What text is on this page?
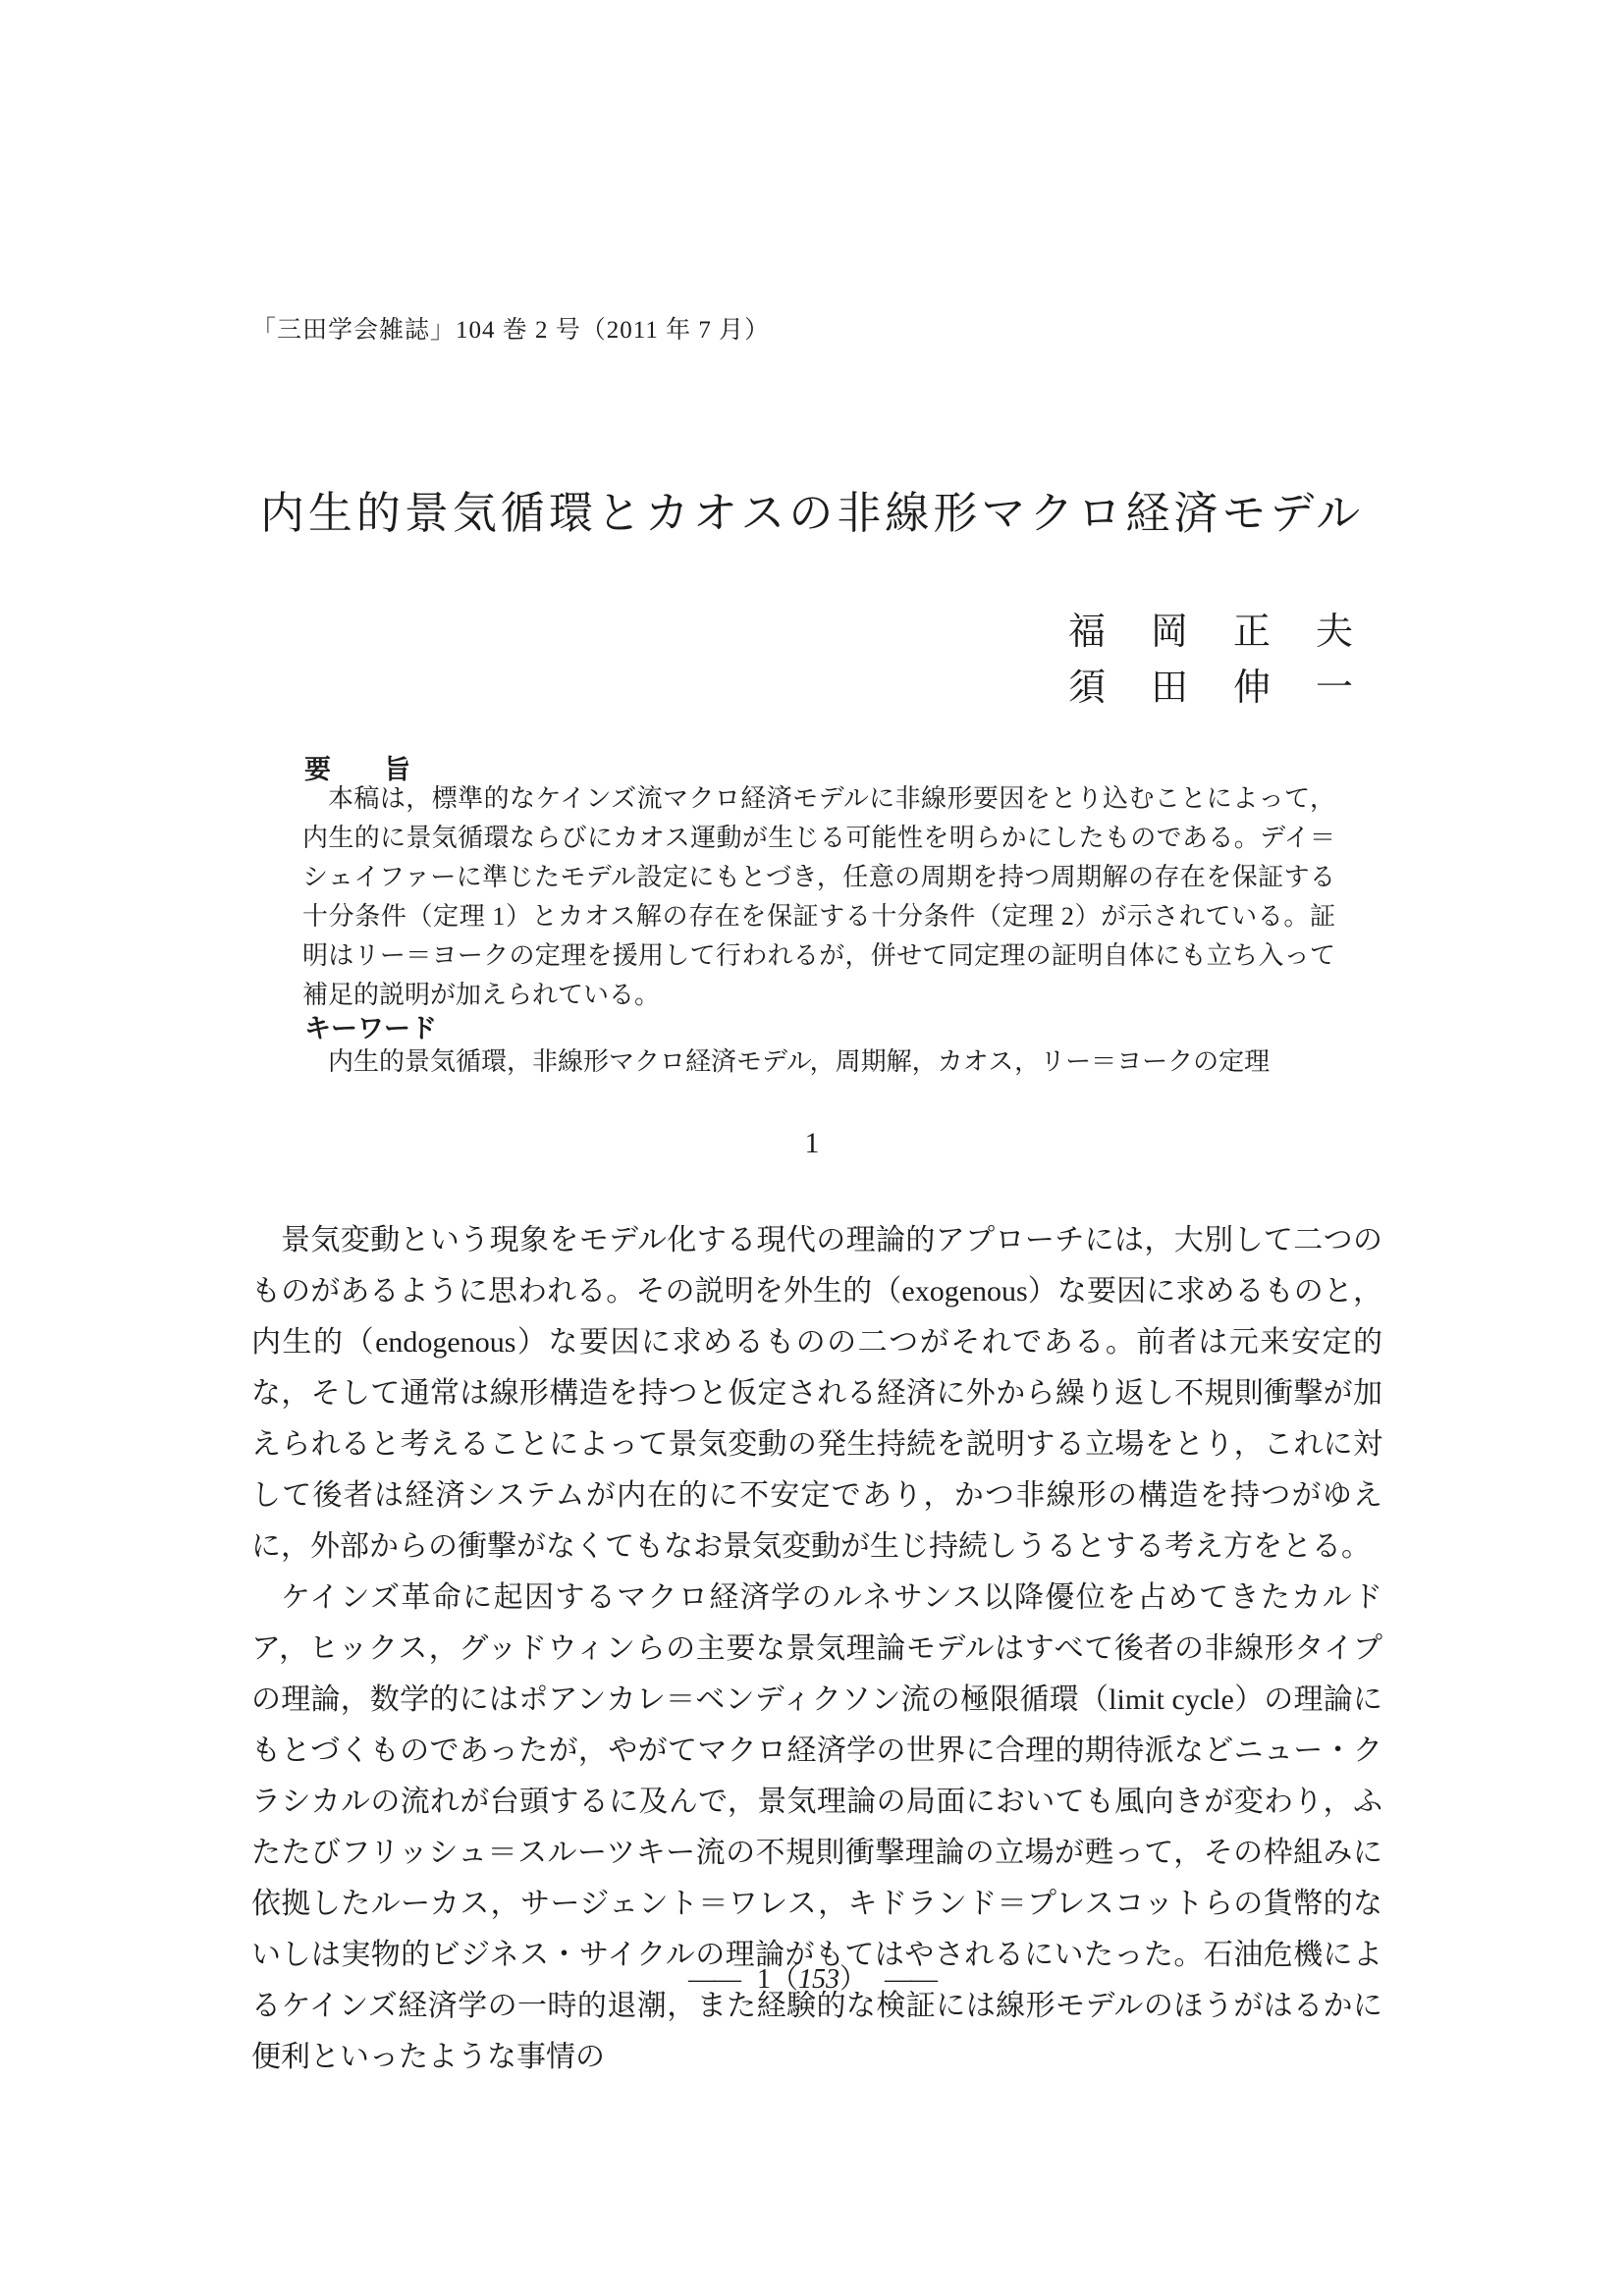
「三田学会雑誌」104 巻 2 号（2011 年 7 月）
内生的景気循環とカオスの非線形マクロ経済モデル
福　岡　正　夫
須　田　伸　一
要　　旨

本稿は，標準的なケインズ流マクロ経済モデルに非線形要因をとり込むことによって，内生的に景気循環ならびにカオス運動が生じる可能性を明らかにしたものである。デイ＝シェイファーに準じたモデル設定にもとづき，任意の周期を持つ周期解の存在を保証する十分条件（定理 1）とカオス解の存在を保証する十分条件（定理 2）が示されている。証明はリー＝ヨークの定理を援用して行われるが，併せて同定理の証明自体にも立ち入って補足的説明が加えられている。

キーワード

内生的景気循環，非線形マクロ経済モデル，周期解，カオス，リー＝ヨークの定理

1

景気変動という現象をモデル化する現代の理論的アプローチには，大別して二つのものがあるように思われる。その説明を外生的（exogenous）な要因に求めるものと，内生的（endogenous）な要因に求めるものの二つがそれである。前者は元来安定的な，そして通常は線形構造を持つと仮定される経済に外から繰り返し不規則衝撃が加えられると考えることによって景気変動の発生持続を説明する立場をとり，これに対して後者は経済システムが内在的に不安定であり，かつ非線形の構造を持つがゆえに，外部からの衝撃がなくてもなお景気変動が生じ持続しうるとする考え方をとる。

ケインズ革命に起因するマクロ経済学のルネサンス以降優位を占めてきたカルドア，ヒックス，グッドウィンらの主要な景気理論モデルはすべて後者の非線形タイプの理論，数学的にはポアンカレ＝ベンディクソン流の極限循環（limit cycle）の理論にもとづくものであったが，やがてマクロ経済学の世界に合理的期待派などニュー・クラシカルの流れが台頭するに及んで，景気理論の局面においても風向きが変わり，ふたたびフリッシュ＝スルーツキー流の不規則衝撃理論の立場が甦って，その枠組みに依拠したルーカス，サージェント＝ワレス，キドランド＝プレスコットらの貨幣的ないしは実物的ビジネス・サイクルの理論がもてはやされるにいたった。石油危機によるケインズ経済学の一時的退潮，また経験的な検証には線形モデルのほうがはるかに便利といったような事情の

—— 1（153） ——
